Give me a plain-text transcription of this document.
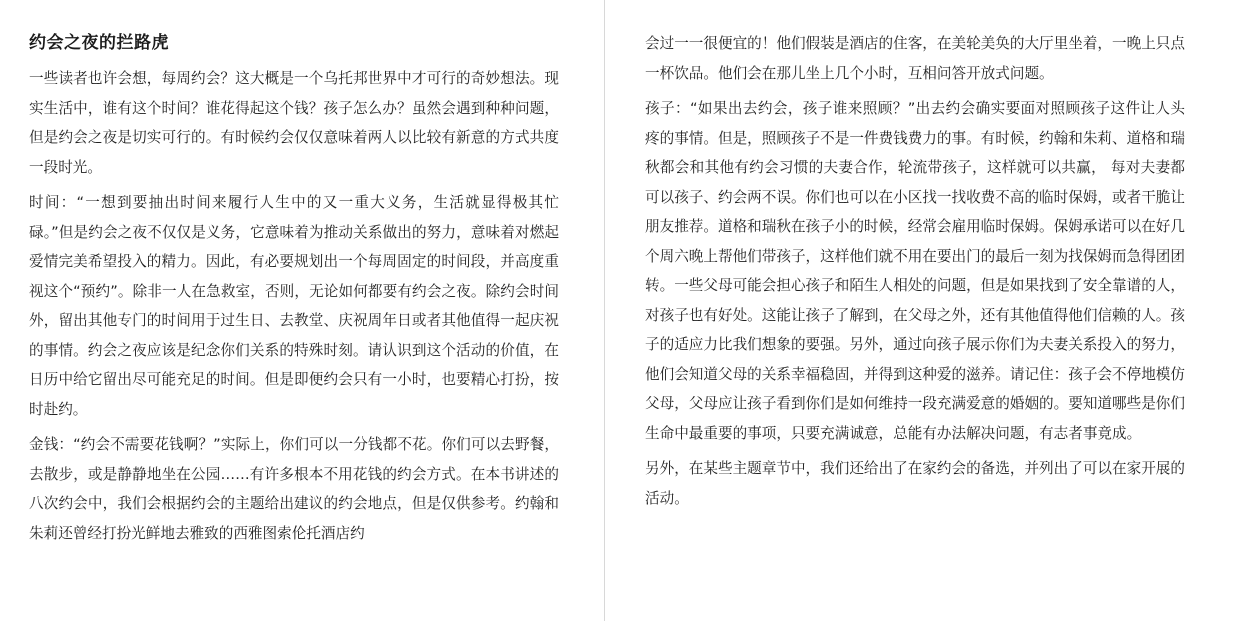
约会之夜的拦路虎

一些读者也许会想，每周约会？这大概是一个乌托邦世界中才可行的奇妙想法。现实生活中，谁有这个时间？谁花得起这个钱？孩子怎么办？虽然会遇到种种问题，但是约会之夜是切实可行的。有时候约会仅仅意味着两人以比较有新意的方式共度一段时光。

时间：“一想到要抽出时间来履行人生中的又一重大义务，生活就显得极其忙碌。”但是约会之夜不仅仅是义务，它意味着为推动关系做出的努力，意味着对燃起爱情完美希望投入的精力。因此，有必要规划出一个每周固定的时间段，并高度重视这个“预约”。除非一人在急救室，否则，无论如何都要有约会之夜。除约会时间外，留出其他专门的时间用于过生日、去教堂、庆祝周年日或者其他值得一起庆祝的事情。约会之夜应该是纪念你们关系的特殊时刻。请认识到这个活动的价值，在日历中给它留出尽可能充足的时间。但是即便约会只有一小时，也要精心打扮，按时赴约。

金钱：“约会不需要花钱啊？”实际上，你们可以一分钱都不花。你们可以去野餐，去散步，或是静静地坐在公园……有许多根本不用花钱的约会方式。在本书讲述的八次约会中，我们会根据约会的主题给出建议的约会地点，但是仅供参考。约翰和朱莉还曾经打扮光鲜地去雅致的西雅图索伦托酒店约

会过一一很便宜的！他们假装是酒店的住客，在美轮美奂的大厅里坐着，一晚上只点一杯饮品。他们会在那儿坐上几个小时，互相问答开放式问题。

孩子：“如果出去约会，孩子谁来照顾？”出去约会确实要面对照顾孩子这件让人头疼的事情。但是，照顾孩子不是一件费钱费力的事。有时候，约翰和朱莉、道格和瑞秋都会和其他有约会习惯的夫妻合作，轮流带孩子，这样就可以共赢， 每对夫妻都可以孩子、约会两不误。你们也可以在小区找一找收费不高的临时保姆，或者干脆让朋友推荐。道格和瑞秋在孩子小的时候，经常会雇用临时保姆。保姆承诺可以在好几个周六晚上帮他们带孩子，这样他们就不用在要出门的最后一刻为找保姆而急得团团转。一些父母可能会担心孩子和陌生人相处的问题，但是如果找到了安全靠谱的人，对孩子也有好处。这能让孩子了解到，在父母之外，还有其他值得他们信赖的人。孩子的适应力比我们想象的要强。另外，通过向孩子展示你们为夫妻关系投入的努力，他们会知道父母的关系幸福稳固，并得到这种爱的滋养。请记住：孩子会不停地模仿父母，父母应让孩子看到你们是如何维持一段充满爱意的婚姻的。要知道哪些是你们生命中最重要的事项，只要充满诚意，总能有办法解决问题，有志者事竟成。

另外，在某些主题章节中，我们还给出了在家约会的备选，并列出了可以在家开展的活动。
